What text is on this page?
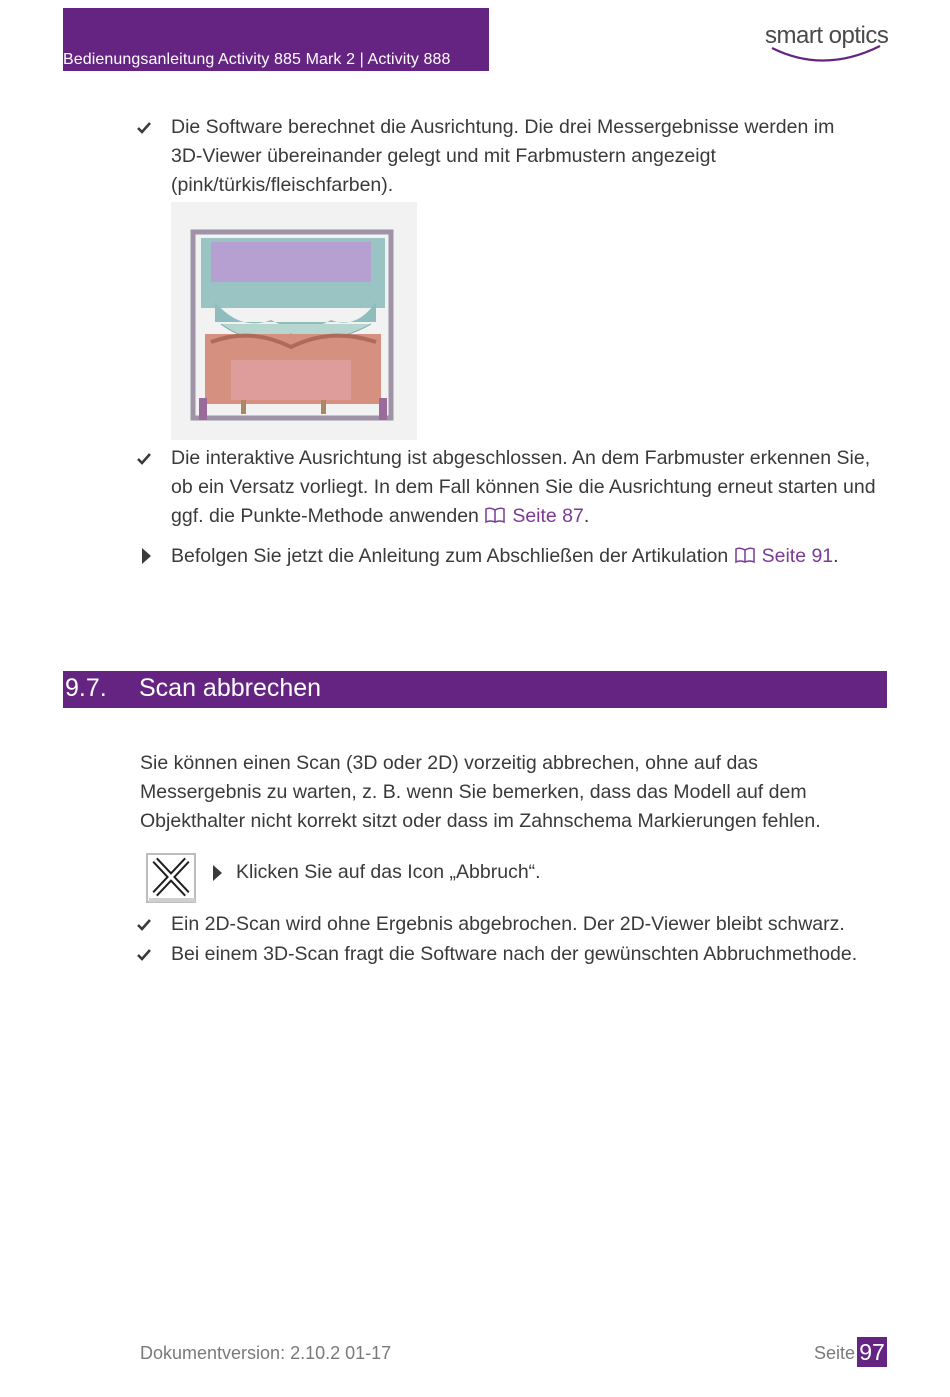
Bedienungsanleitung Activity 885 Mark 2 | Activity 888
smart optics
Die Software berechnet die Ausrichtung. Die drei Messergebnisse werden im 3D-Viewer übereinander gelegt und mit Farbmustern angezeigt (pink/türkis/fleischfarben).
Die interaktive Ausrichtung ist abgeschlossen. An dem Farbmuster erkennen Sie, ob ein Versatz vorliegt. In dem Fall können Sie die Ausrichtung erneut starten und ggf. die Punkte-Methode anwenden Seite 87.
Befolgen Sie jetzt die Anleitung zum Abschließen der Artikulation Seite 91.
9.7. Scan abbrechen
Sie können einen Scan (3D oder 2D) vorzeitig abbrechen, ohne auf das Messergebnis zu warten, z. B. wenn Sie bemerken, dass das Modell auf dem Objekthalter nicht korrekt sitzt oder dass im Zahnschema Markierungen fehlen.
Klicken Sie auf das Icon „Abbruch“.
Ein 2D-Scan wird ohne Ergebnis abgebrochen. Der 2D-Viewer bleibt schwarz.
Bei einem 3D-Scan fragt die Software nach der gewünschten Abbruchmethode.
Dokumentversion: 2.10.2 01-17	Seite 97
